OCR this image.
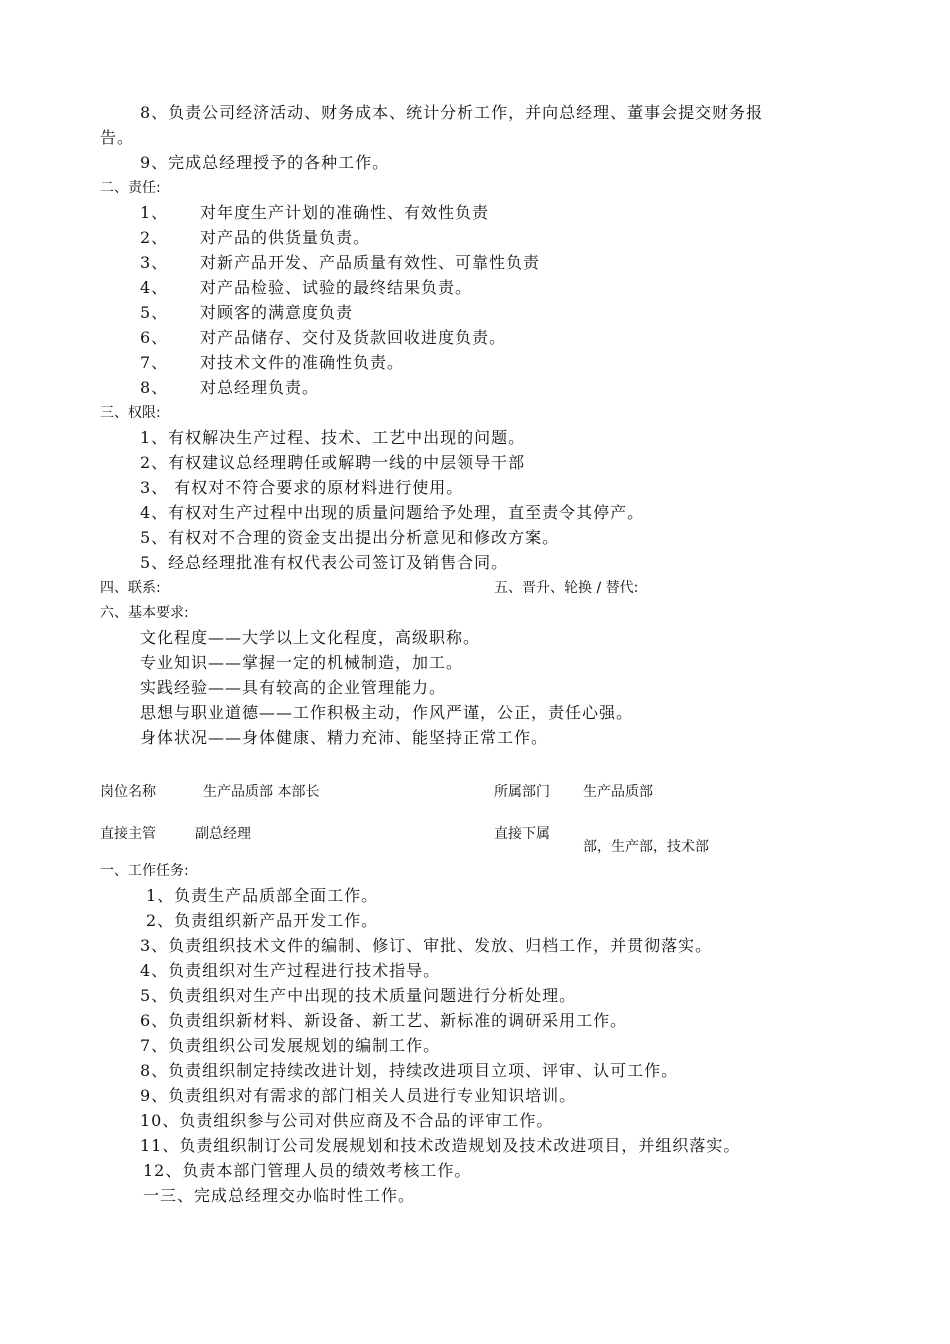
8、负责公司经济活动、财务成本、统计分析工作，并向总经理、董事会提交财务报
告。
9、完成总经理授予的各种工作。
二、责任:
1、 对年度生产计划的准确性、有效性负责
2、 对产品的供货量负责。
3、 对新产品开发、产品质量有效性、可靠性负责
4、 对产品检验、试验的最终结果负责。
5、 对顾客的满意度负责
6、 对产品储存、交付及货款回收进度负责。
7、 对技术文件的准确性负责。
8、 对总经理负责。
三、权限:
1、有权解决生产过程、技术、工艺中出现的问题。
2、有权建议总经理聘任或解聘一线的中层领导干部
3、 有权对不符合要求的原材料进行使用。
4、有权对生产过程中出现的质量问题给予处理，直至责令其停产。
5、有权对不合理的资金支出提出分析意见和修改方案。
5、经总经理批准有权代表公司签订及销售合同。
四、联系:	五、晋升、轮换 / 替代:
六、基本要求:
文化程度——大学以上文化程度，高级职称。
专业知识——掌握一定的机械制造，加工。
实践经验——具有较高的企业管理能力。
思想与职业道德——工作积极主动，作风严谨，公正，责任心强。
身体状况——身体健康、精力充沛、能坚持正常工作。
岗位名称	生产品质部 本部长	所属部门 生产品质部
直接主管	副总经理	直接下属
部，生产部，技术部
一、工作任务:
1、负责生产品质部全面工作。
2、负责组织新产品开发工作。
3、负责组织技术文件的编制、修订、审批、发放、归档工作，并贯彻落实。
4、负责组织对生产过程进行技术指导。
5、负责组织对生产中出现的技术质量问题进行分析处理。
6、负责组织新材料、新设备、新工艺、新标准的调研采用工作。
7、负责组织公司发展规划的编制工作。
8、负责组织制定持续改进计划，持续改进项目立项、评审、认可工作。
9、负责组织对有需求的部门相关人员进行专业知识培训。
10、负责组织参与公司对供应商及不合品的评审工作。
11、负责组织制订公司发展规划和技术改造规划及技术改进项目，并组织落实。
12、负责本部门管理人员的绩效考核工作。
一三、完成总经理交办临时性工作。
